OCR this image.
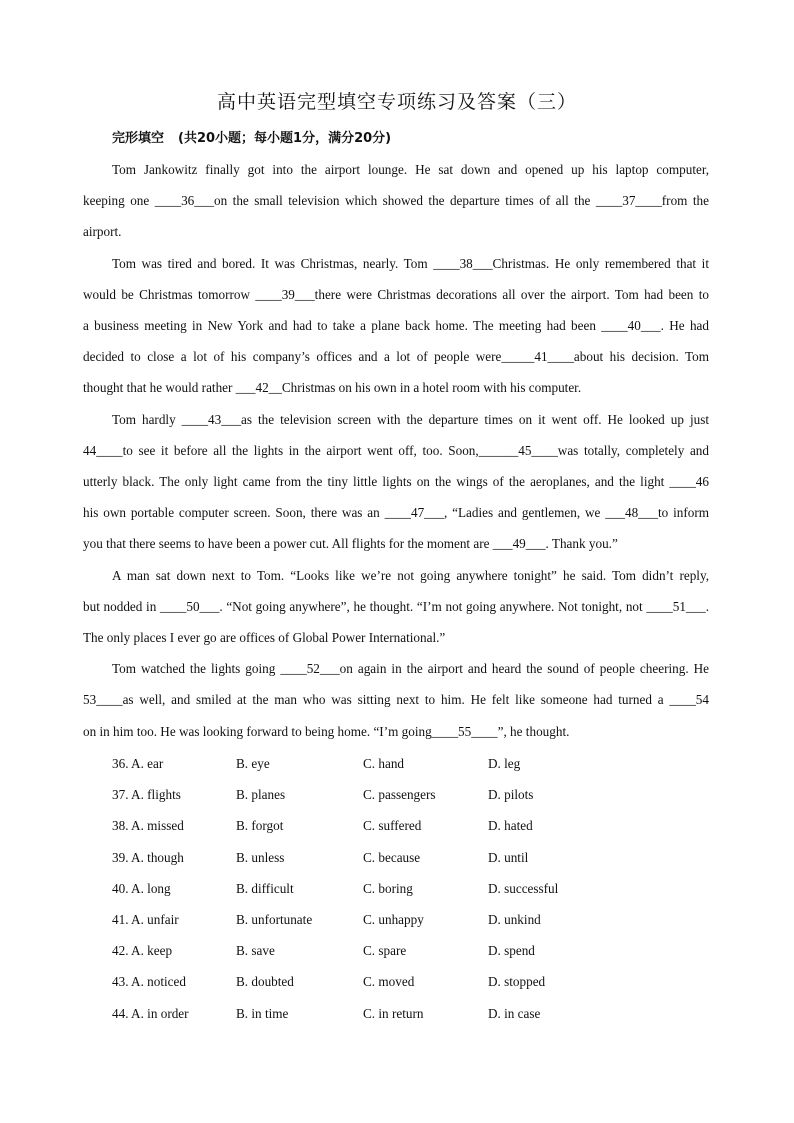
高中英语完型填空专项练习及答案（三）
完形填空 (共20小题；每小题1分，满分20分)
Tom Jankowitz finally got into the airport lounge. He sat down and opened up his laptop computer,
keeping one ____36___on the small television which showed the departure times of all the ____37____from the
airport.
Tom was tired and bored. It was Christmas, nearly. Tom ____38___Christmas. He only remembered that it
would be Christmas tomorrow ____39___there were Christmas decorations all over the airport. Tom had been to
a business meeting in New York and had to take a plane back home. The meeting had been ____40___. He had
decided to close a lot of his company’s offices and a lot of people were_____41____about his decision. Tom
thought that he would rather ___42__Christmas on his own in a hotel room with his computer.
Tom hardly ____43___as the television screen with the departure times on it went off. He looked up just
44____to see it before all the lights in the airport went off, too. Soon,______45____was totally, completely and
utterly black. The only light came from the tiny little lights on the wings of the aeroplanes, and the light ____46
his own portable computer screen. Soon, there was an ____47___, “Ladies and gentlemen, we ___48___to inform
you that there seems to have been a power cut. All flights for the moment are ___49___. Thank you.”
A man sat down next to Tom. “Looks like we’re not going anywhere tonight” he said. Tom didn’t reply,
but nodded in ____50___. “Not going anywhere”, he thought. “I’m not going anywhere. Not tonight, not ____51___.
The only places I ever go are offices of Global Power International.”
Tom watched the lights going ____52___on again in the airport and heard the sound of people cheering. He
53____as well, and smiled at the man who was sitting next to him. He felt like someone had turned a ____54
on in him too. He was looking forward to being home. “I’m going____55____”, he thought.
36. A. ear	B. eye	C. hand	D. leg
37. A. flights	B. planes	C. passengers	D. pilots
38. A. missed	B. forgot	C. suffered	D. hated
39. A. though	B. unless	C. because	D. until
40. A. long	B. difficult	C. boring	D. successful
41. A. unfair	B. unfortunate	C. unhappy	D. unkind
42. A. keep	B. save	C. spare	D. spend
43. A. noticed	B. doubted	C. moved	D. stopped
44. A. in order	B. in time	C. in return	D. in case
